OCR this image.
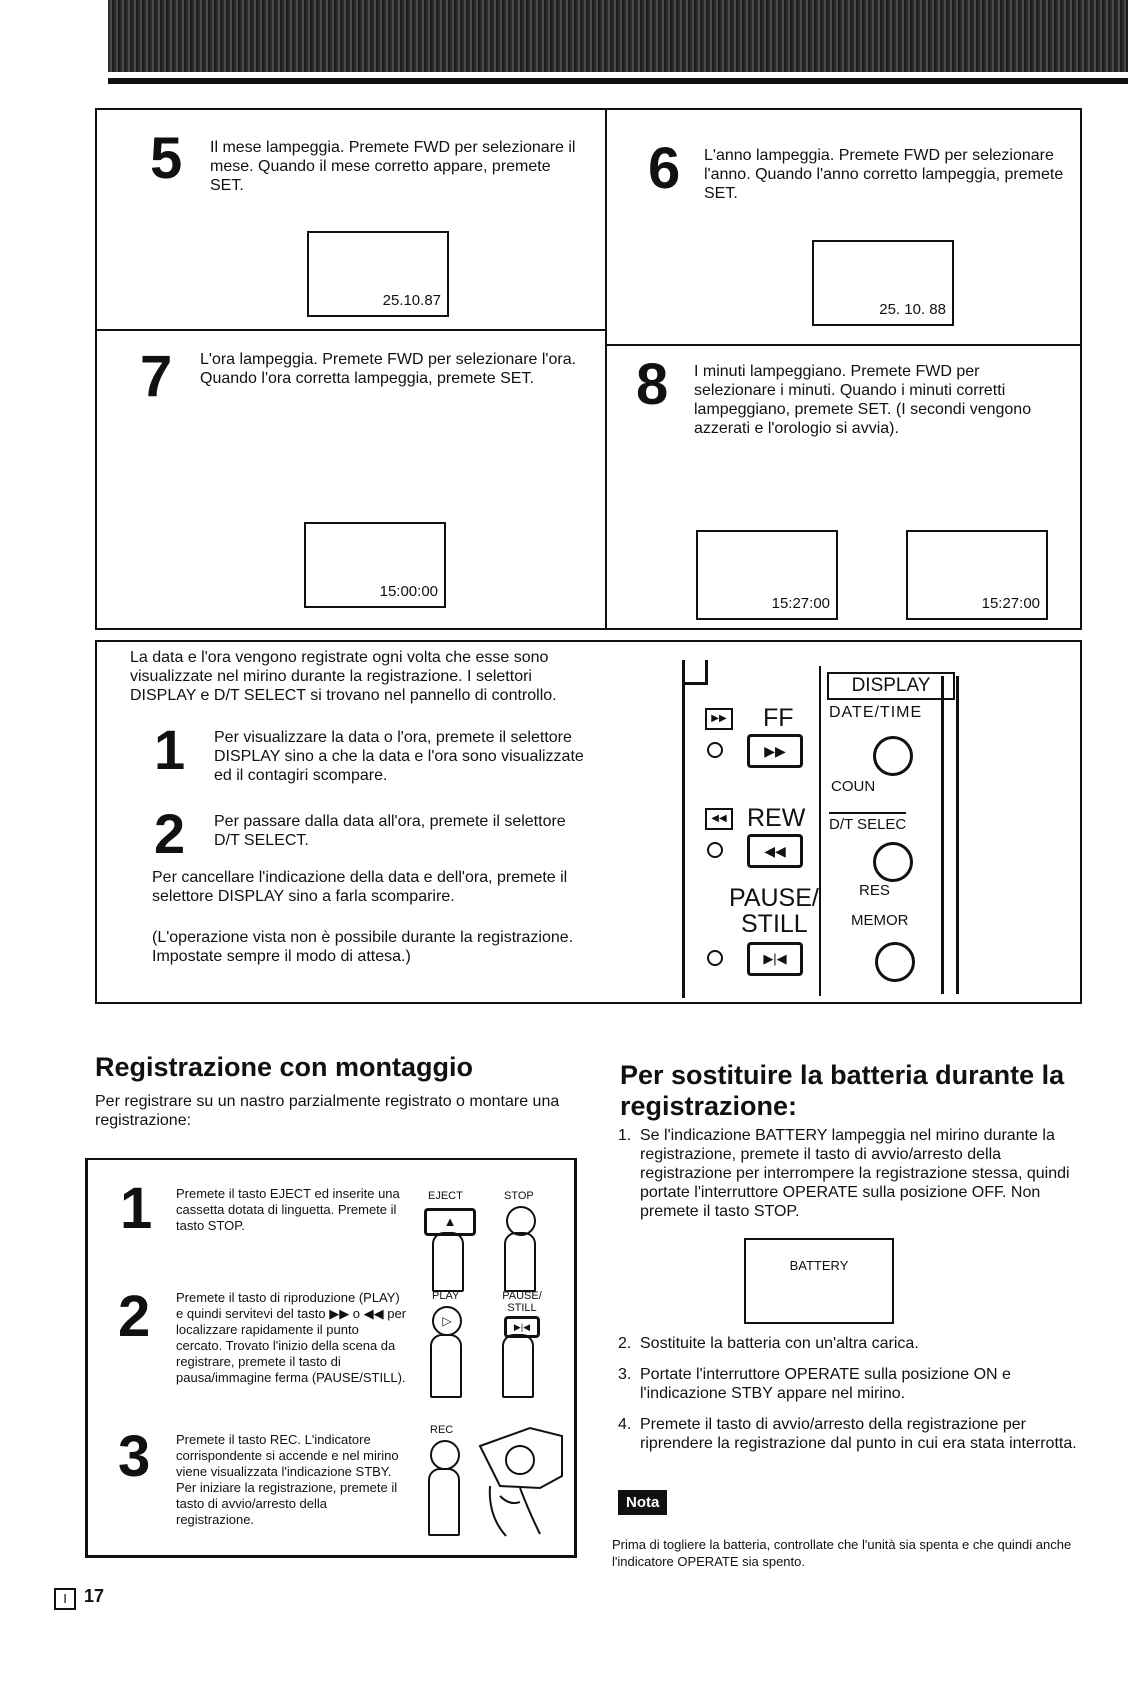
5 Il mese lampeggia. Premete FWD per selezionare il mese. Quando il mese corretto appare, premete SET.
25.10.87
6 L'anno lampeggia. Premete FWD per selezionare l'anno. Quando l'anno corretto lampeggia, premete SET.
25. 10. 88
7 L'ora lampeggia. Premete FWD per selezionare l'ora. Quando l'ora corretta lampeggia, premete SET.
15:00:00
8 I minuti lampeggiano. Premete FWD per selezionare i minuti. Quando i minuti corretti lampeggiano, premete SET. (I secondi vengono azzerati e l'orologio si avvia).
15:27:00	15:27:00
La data e l'ora vengono registrate ogni volta che esse sono visualizzate nel mirino durante la registrazione. I selettori DISPLAY e D/T SELECT si trovano nel pannello di controllo.
1 Per visualizzare la data o l'ora, premete il selettore DISPLAY sino a che la data e l'ora sono visualizzate ed il contagiri scompare.
2 Per passare dalla data all'ora, premete il selettore D/T SELECT.
Per cancellare l'indicazione della data e dell'ora, premete il selettore DISPLAY sino a farla scomparire.
(L'operazione vista non è possibile durante la registrazione. Impostate sempre il modo di attesa.)
▶▶ FF
▶▶
◀◀ REW
◀◀
PAUSE/
STILL
▶|◀
DISPLAY
DATE/TIME
COUN
D/T SELEC
RES
MEMOR
Registrazione con montaggio
Per registrare su un nastro parzialmente registrato o montare una registrazione:
1 Premete il tasto EJECT ed inserite una cassetta dotata di linguetta. Premete il tasto STOP.
2 Premete il tasto di riproduzione (PLAY) e quindi servitevi del tasto ▶▶ o ◀◀ per localizzare rapidamente il punto cercato. Trovato l'inizio della scena da registrare, premete il tasto di pausa/immagine ferma (PAUSE/STILL).
3 Premete il tasto REC. L'indicatore corrispondente si accende e nel mirino viene visualizzata l'indicazione STBY. Per iniziare la registrazione, premete il tasto di avvio/arresto della registrazione.
EJECT
▲
STOP
PLAY
▷
PAUSE/ STILL
▶|◀
REC
Per sostituire la batteria durante la registrazione:
1. Se l'indicazione BATTERY lampeggia nel mirino durante la registrazione, premete il tasto di avvio/arresto della registrazione per interrompere la registrazione stessa, quindi portate l'interruttore OPERATE sulla posizione OFF. Non premete il tasto STOP.
BATTERY
2. Sostituite la batteria con un'altra carica.
3. Portate l'interruttore OPERATE sulla posizione ON e l'indicazione STBY appare nel mirino.
4. Premete il tasto di avvio/arresto della registrazione per riprendere la registrazione dal punto in cui era stata interrotta.
Nota
Prima di togliere la batteria, controllate che l'unità sia spenta e che quindi anche l'indicatore OPERATE sia spento.
I 17
